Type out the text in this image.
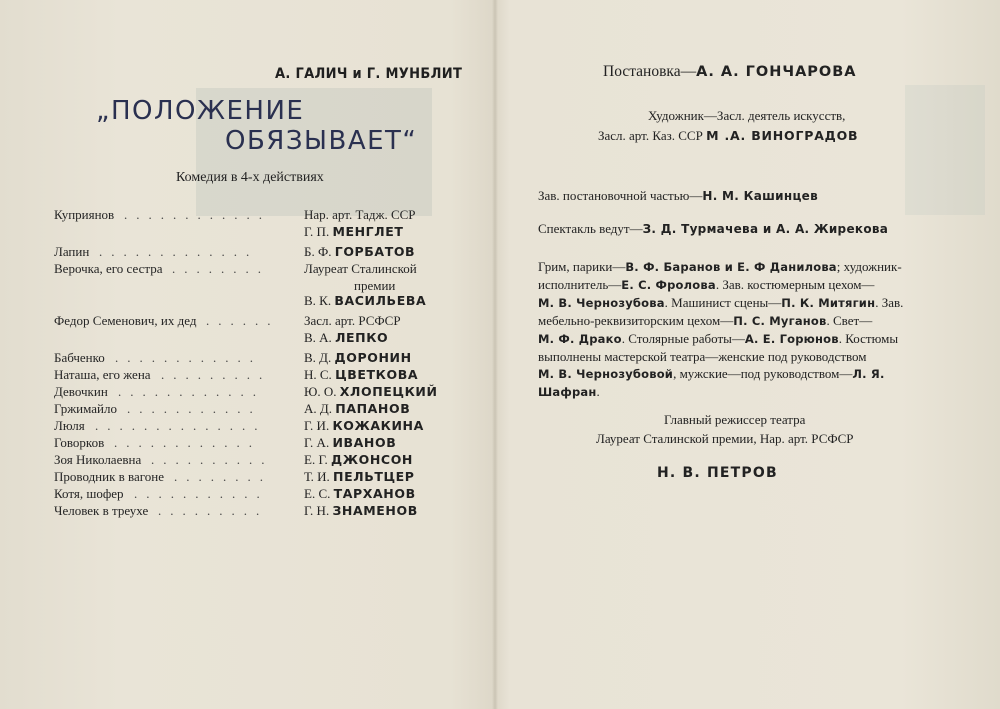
А. ГАЛИЧ и Г. МУНБЛИТ
„ПОЛОЖЕНИЕ
ОБЯЗЫВАЕТ“
Комедия в 4-х действиях
Куприянов	Нар. арт. Тадж. ССР
............
Г. П. МЕНГЛЕТ
Лапин	Б. Ф. ГОРБАТОВ
.............
Верочка, его сестра	Лауреат Сталинской
........
премии
В. К. ВАСИЛЬЕВА
Федор Семенович, их дед	Засл. арт. РСФСР
......
В. А. ЛЕПКО
Бабченко	В. Д. ДОРОНИН
............
Наташа, его жена	Н. С. ЦВЕТКОВА
.........
Девочкин	Ю. О. ХЛОПЕЦКИЙ
............
Гржимайло	А. Д. ПАПАНОВ
...........
Люля	Г. И. КОЖАКИНА
..............
Говорков	Г. А. ИВАНОВ
............
Зоя Николаевна	Е. Г. ДЖОНСОН
..........
Проводник в вагоне	Т. И. ПЕЛЬТЦЕР
........
Котя, шофер	Е. С. ТАРХАНОВ
...........
Человек в треухе	Г. Н. ЗНАМЕНОВ
.........
Постановка—А. А. ГОНЧАРОВА
Художник—Засл. деятель искусств,
Засл. арт. Каз. ССР М .А. ВИНОГРАДОВ
Зав. постановочной частью—Н. М. Кашинцев
Спектакль ведут—З. Д. Турмачева и А. А. Жирекова
Грим, парики—В. Ф. Баранов и Е. Ф Данилова; художник-
исполнитель—Е. С. Фролова. Зав. костюмерным цехом—
М. В. Чернозубова. Машинист сцены—П. К. Митягин. Зав.
мебельно-реквизиторским цехом—П. С. Муганов. Свет—
М. Ф. Драко. Столярные работы—А. Е. Горюнов. Костюмы
выполнены мастерской театра—женские под руководством
М. В. Чернозубовой, мужские—под руководством—Л. Я.
Шафран.
Главный режиссер театра
Лауреат Сталинской премии, Нар. арт. РСФСР
Н. В. ПЕТРОВ
